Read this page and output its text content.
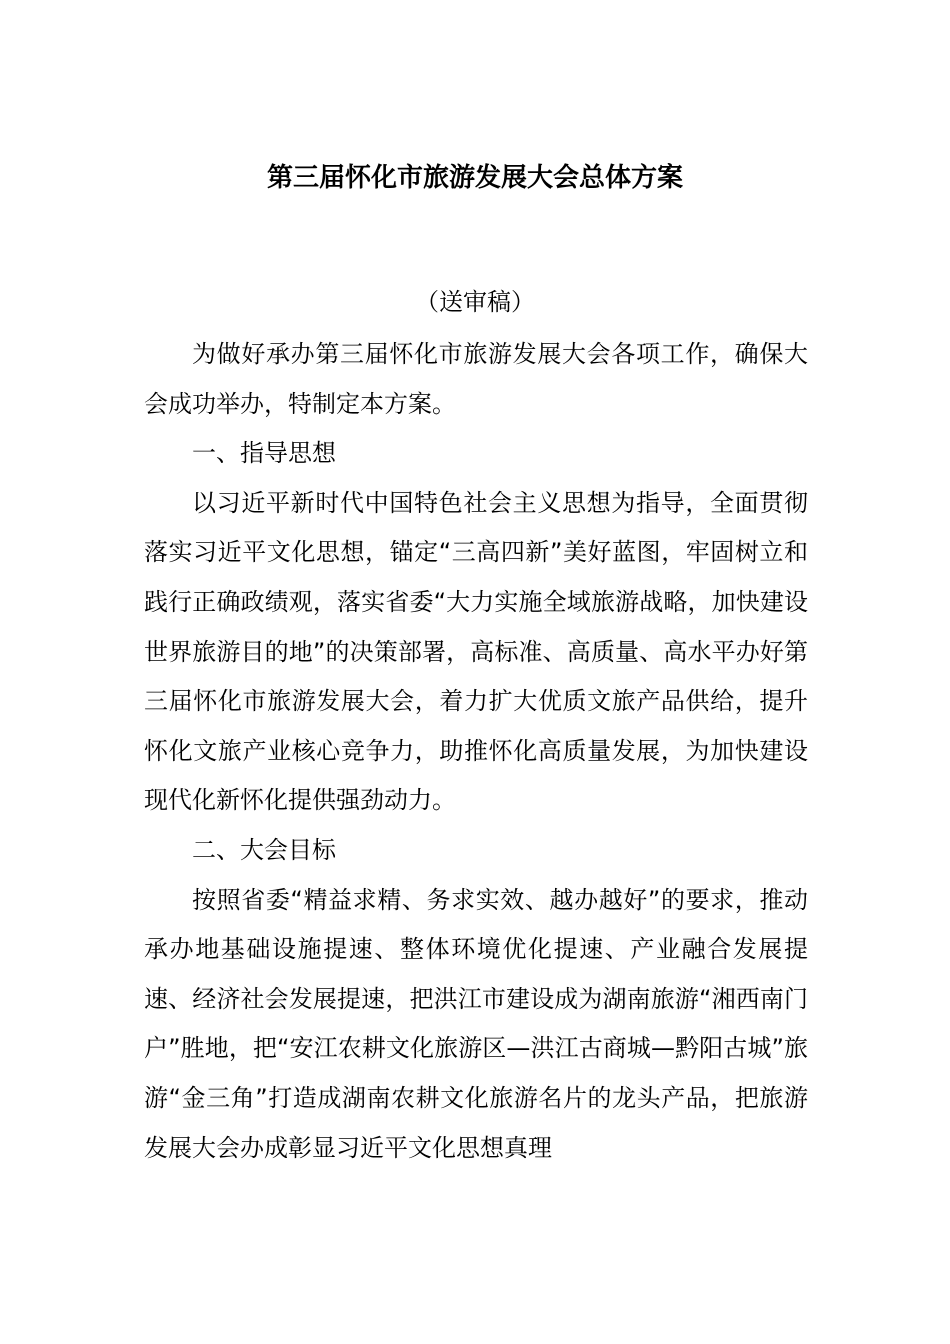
第三届怀化市旅游发展大会总体方案
（送审稿）

为做好承办第三届怀化市旅游发展大会各项工作，确保大会成功举办，特制定本方案。

一、指导思想

以习近平新时代中国特色社会主义思想为指导，全面贯彻落实习近平文化思想，锚定“三高四新”美好蓝图，牢固树立和践行正确政绩观，落实省委“大力实施全域旅游战略，加快建设世界旅游目的地”的决策部署，高标准、高质量、高水平办好第三届怀化市旅游发展大会，着力扩大优质文旅产品供给，提升怀化文旅产业核心竞争力，助推怀化高质量发展，为加快建设现代化新怀化提供强劲动力。

二、大会目标

按照省委“精益求精、务求实效、越办越好”的要求，推动承办地基础设施提速、整体环境优化提速、产业融合发展提速、经济社会发展提速，把洪江市建设成为湖南旅游“湘西南门户”胜地，把“安江农耕文化旅游区—洪江古商城—黔阳古城”旅游“金三角”打造成湖南农耕文化旅游名片的龙头产品，把旅游发展大会办成彰显习近平文化思想真理
